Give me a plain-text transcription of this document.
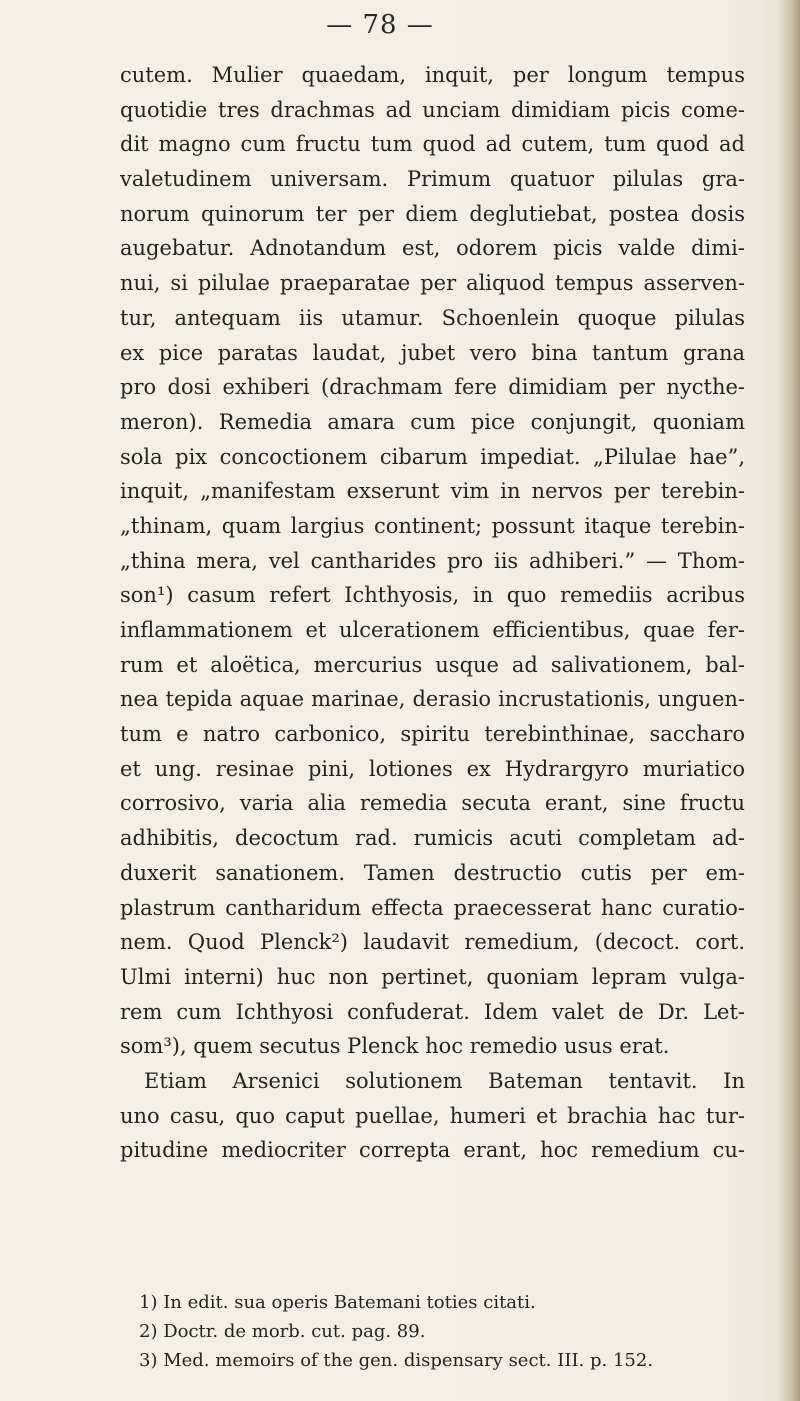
— 78 —
cutem. Mulier quaedam, inquit, per longum tempus
quotidie tres drachmas ad unciam dimidiam picis come-
dit magno cum fructu tum quod ad cutem, tum quod ad
valetudinem universam. Primum quatuor pilulas gra-
norum quinorum ter per diem deglutiebat, postea dosis
augebatur. Adnotandum est, odorem picis valde dimi-
nui, si pilulae praeparatae per aliquod tempus asserven-
tur, antequam iis utamur. Schoenlein quoque pilulas
ex pice paratas laudat, jubet vero bina tantum grana
pro dosi exhiberi (drachmam fere dimidiam per nycthe-
meron). Remedia amara cum pice conjungit, quoniam
sola pix concoctionem cibarum impediat. „Pilulae hae”,
inquit, „manifestam exserunt vim in nervos per terebin-
„thinam, quam largius continent; possunt itaque terebin-
„thina mera, vel cantharides pro iis adhiberi.” — Thom-
son¹) casum refert Ichthyosis, in quo remediis acribus
inflammationem et ulcerationem efficientibus, quae fer-
rum et aloëtica, mercurius usque ad salivationem, bal-
nea tepida aquae marinae, derasio incrustationis, unguen-
tum e natro carbonico, spiritu terebinthinae, saccharo
et ung. resinae pini, lotiones ex Hydrargyro muriatico
corrosivo, varia alia remedia secuta erant, sine fructu
adhibitis, decoctum rad. rumicis acuti completam ad-
duxerit sanationem. Tamen destructio cutis per em-
plastrum cantharidum effecta praecesserat hanc curatio-
nem. Quod Plenck²) laudavit remedium, (decoct. cort.
Ulmi interni) huc non pertinet, quoniam lepram vulga-
rem cum Ichthyosi confuderat. Idem valet de Dr. Let-
som³), quem secutus Plenck hoc remedio usus erat.
Etiam Arsenici solutionem Bateman tentavit. In
uno casu, quo caput puellae, humeri et brachia hac tur-
pitudine mediocriter correpta erant, hoc remedium cu-
1) In edit. sua operis Batemani toties citati.
2) Doctr. de morb. cut. pag. 89.
3) Med. memoirs of the gen. dispensary sect. III. p. 152.
